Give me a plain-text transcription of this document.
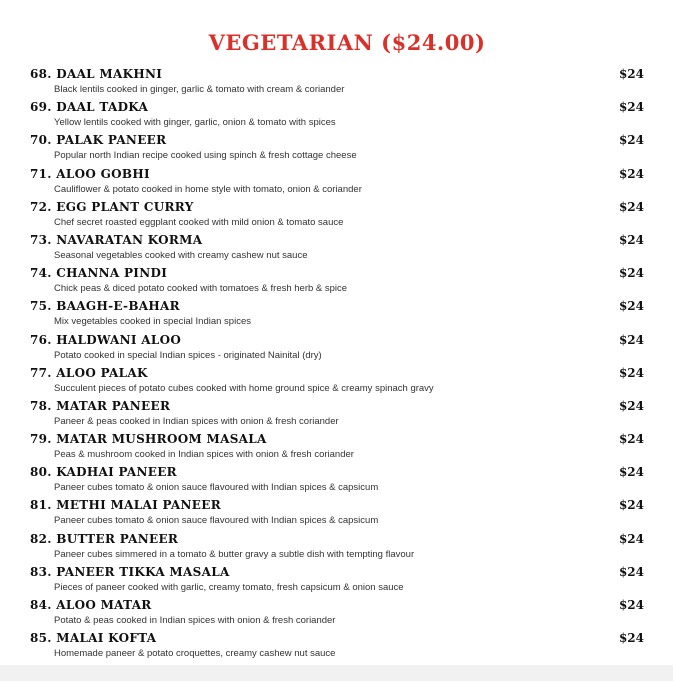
VEGETARIAN ($24.00)
68. DAAL MAKHNI
Black lentils cooked in ginger, garlic & tomato with cream & coriander
$24
69. DAAL TADKA
Yellow lentils cooked with ginger, garlic, onion & tomato with spices
$24
70. PALAK PANEER
Popular north Indian recipe cooked using spinch & fresh cottage cheese
$24
71. ALOO GOBHI
Cauliflower & potato cooked in home style with tomato, onion & coriander
$24
72. EGG PLANT CURRY
Chef secret roasted eggplant cooked with mild onion & tomato sauce
$24
73. NAVARATAN KORMA
Seasonal vegetables cooked with creamy cashew nut sauce
$24
74. CHANNA PINDI
Chick peas & diced potato cooked with tomatoes & fresh herb & spice
$24
75. BAAGH-E-BAHAR
Mix vegetables cooked in special Indian spices
$24
76. HALDWANI ALOO
Potato cooked in special Indian spices - originated Nainital (dry)
$24
77. ALOO PALAK
Succulent pieces of potato cubes cooked with home ground spice & creamy spinach gravy
$24
78. MATAR PANEER
Paneer & peas cooked in Indian spices with onion & fresh coriander
$24
79. MATAR MUSHROOM MASALA
Peas & mushroom cooked in Indian spices with onion & fresh coriander
$24
80. KADHAI PANEER
Paneer cubes tomato & onion sauce flavoured with Indian spices & capsicum
$24
81. METHI MALAI PANEER
Paneer cubes tomato & onion sauce flavoured with Indian spices & capsicum
$24
82. BUTTER PANEER
Paneer cubes simmered in a tomato & butter gravy a subtle dish with tempting flavour
$24
83. PANEER TIKKA MASALA
Pieces of paneer cooked with garlic, creamy tomato, fresh capsicum & onion sauce
$24
84. ALOO MATAR
Potato & peas cooked in Indian spices with onion & fresh coriander
$24
85. MALAI KOFTA
Homemade paneer & potato croquettes, creamy cashew nut sauce
$24
